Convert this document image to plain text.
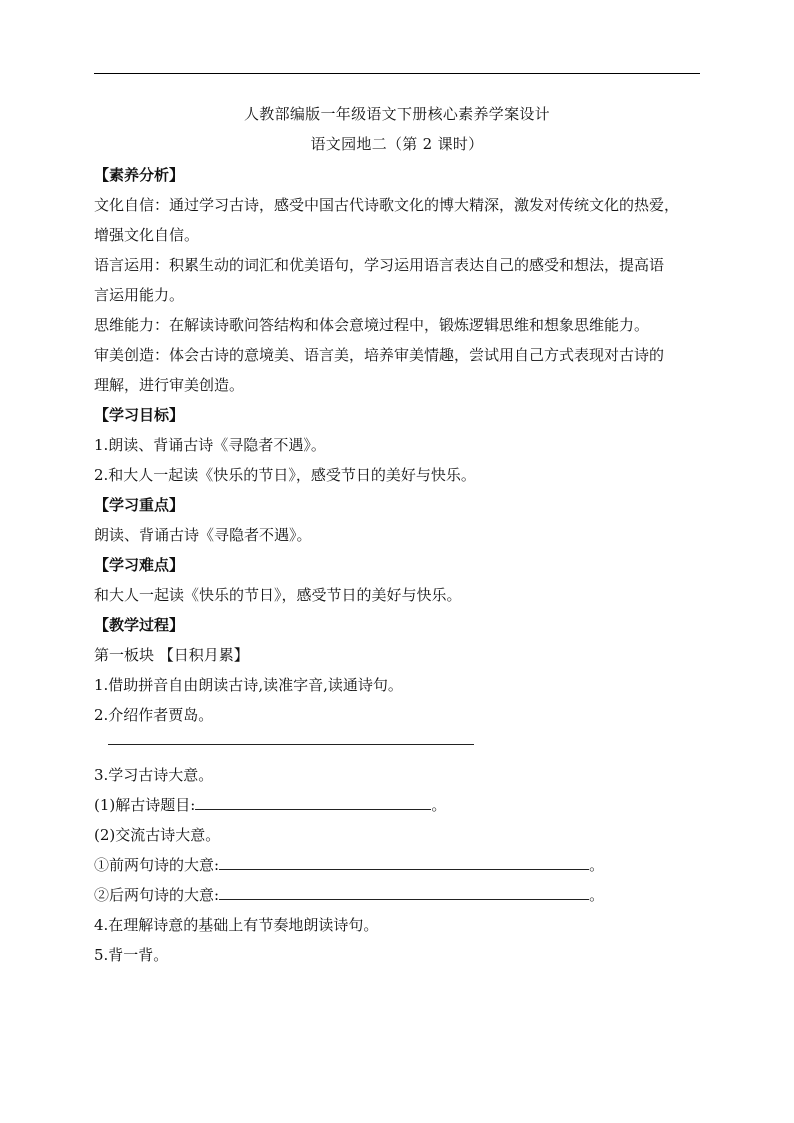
人教部编版一年级语文下册核心素养学案设计
语文园地二（第 2 课时）

【素养分析】

文化自信：通过学习古诗，感受中国古代诗歌文化的博大精深，激发对传统文化的热爱，

增强文化自信。

语言运用：积累生动的词汇和优美语句，学习运用语言表达自己的感受和想法，提高语

言运用能力。

思维能力：在解读诗歌问答结构和体会意境过程中，锻炼逻辑思维和想象思维能力。

审美创造：体会古诗的意境美、语言美，培养审美情趣，尝试用自己方式表现对古诗的

理解，进行审美创造。

【学习目标】

1.朗读、背诵古诗《寻隐者不遇》。

2.和大人一起读《快乐的节日》，感受节日的美好与快乐。

【学习重点】

朗读、背诵古诗《寻隐者不遇》。

【学习难点】

和大人一起读《快乐的节日》，感受节日的美好与快乐。

【教学过程】

第一板块 【日积月累】

1.借助拼音自由朗读古诗,读准字音,读通诗句。

2.介绍作者贾岛。

3.学习古诗大意。

(1)解古诗题目:	。

(2)交流古诗大意。

①前两句诗的大意:	。

②后两句诗的大意:	。

4.在理解诗意的基础上有节奏地朗读诗句。

5.背一背。
